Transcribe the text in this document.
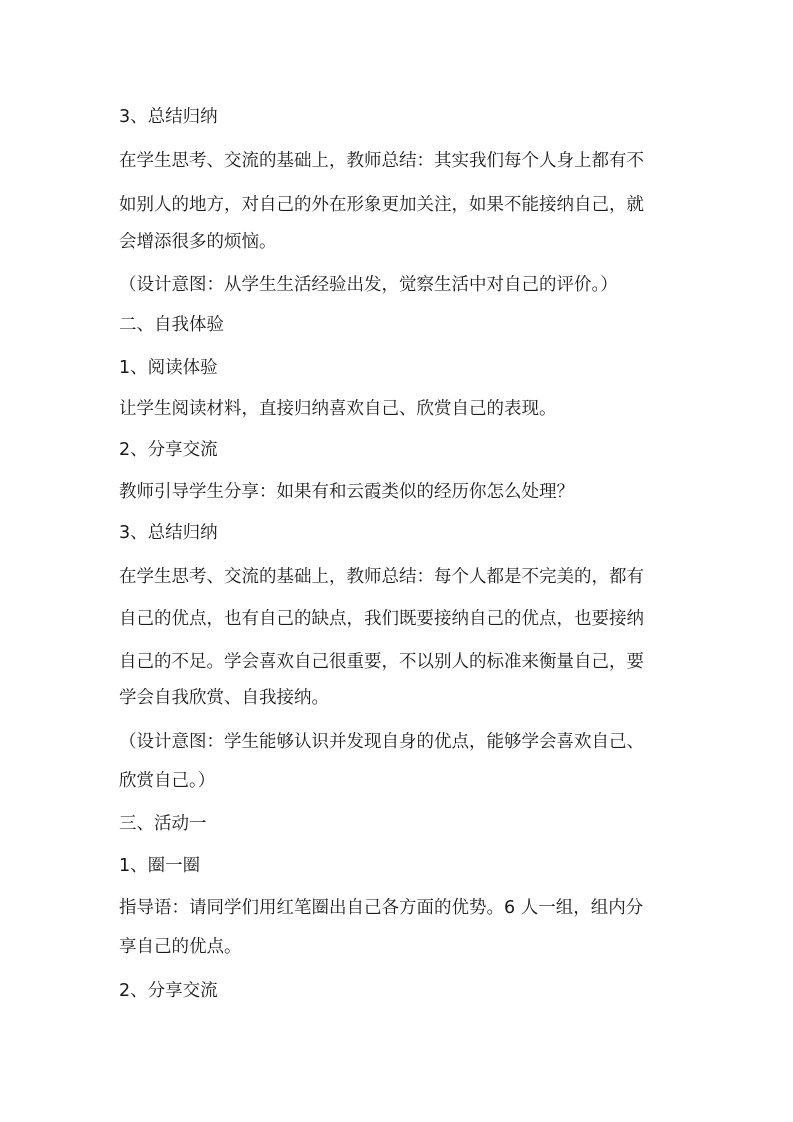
3、总结归纳
在学生思考、交流的基础上，教师总结：其实我们每个人身上都有不
如别人的地方，对自己的外在形象更加关注，如果不能接纳自己，就
会增添很多的烦恼。
（设计意图：从学生生活经验出发，觉察生活中对自己的评价。）
二、自我体验
1、阅读体验
让学生阅读材料，直接归纳喜欢自己、欣赏自己的表现。
2、分享交流
教师引导学生分享：如果有和云霞类似的经历你怎么处理？
3、总结归纳
在学生思考、交流的基础上，教师总结：每个人都是不完美的，都有
自己的优点，也有自己的缺点，我们既要接纳自己的优点，也要接纳
自己的不足。学会喜欢自己很重要，不以别人的标准来衡量自己，要
学会自我欣赏、自我接纳。
（设计意图：学生能够认识并发现自身的优点，能够学会喜欢自己、
欣赏自己。）
三、活动一
1、圈一圈
指导语：请同学们用红笔圈出自己各方面的优势。6 人一组，组内分
享自己的优点。
2、分享交流
